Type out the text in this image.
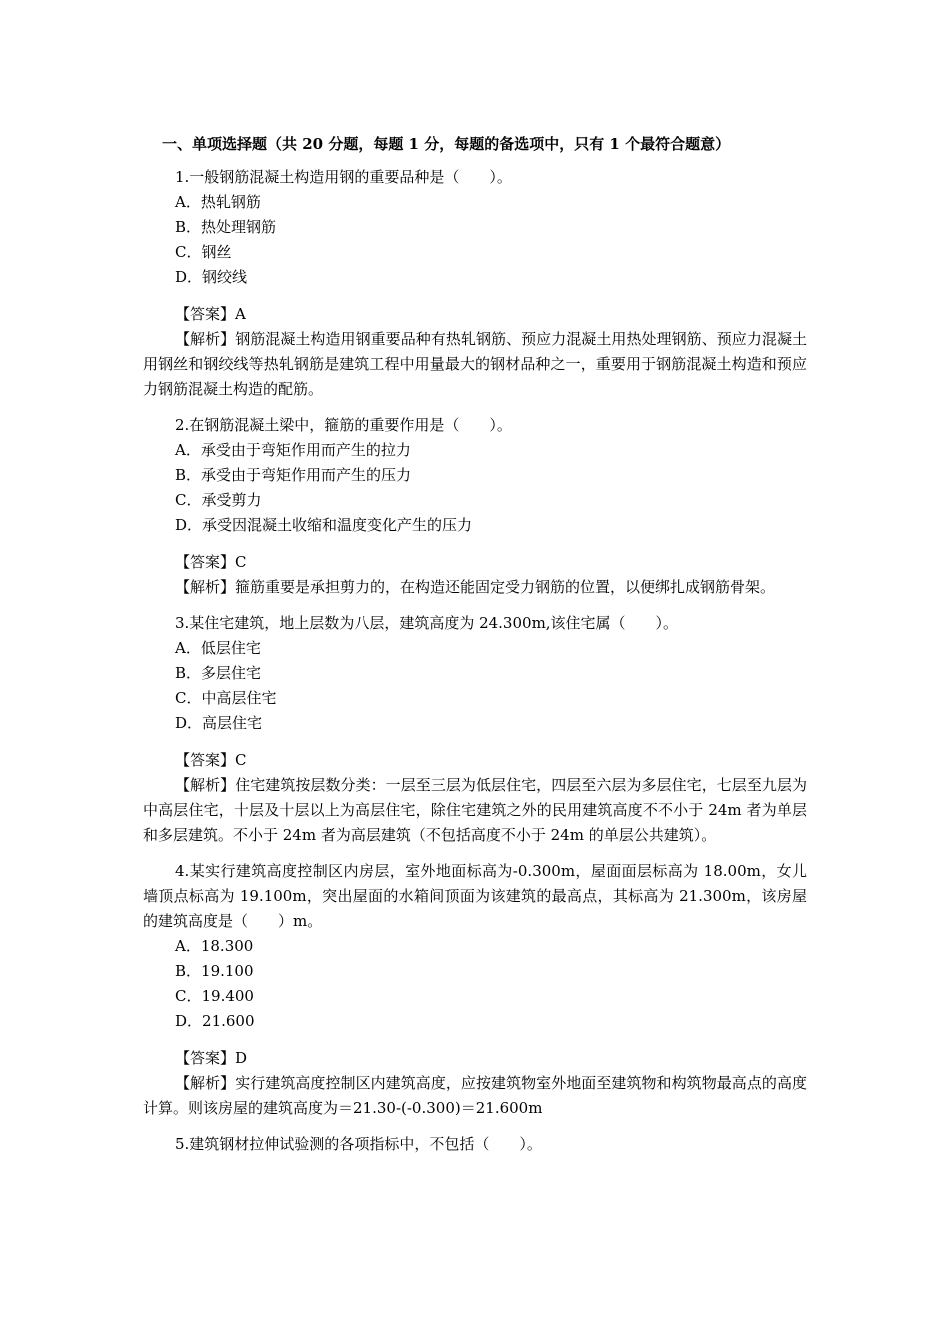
一、单项选择题（共 20 分题，每题 1 分，每题的备选项中，只有 1 个最符合题意）

1.一般钢筋混凝土构造用钢的重要品种是（　　）。

A．热轧钢筋
B．热处理钢筋
C．钢丝
D．钢绞线
【答案】A

【解析】钢筋混凝土构造用钢重要品种有热轧钢筋、预应力混凝土用热处理钢筋、预应力混凝土用钢丝和钢绞线等热轧钢筋是建筑工程中用量最大的钢材品种之一，重要用于钢筋混凝土构造和预应力钢筋混凝土构造的配筋。

2.在钢筋混凝土梁中，箍筋的重要作用是（　　）。

A．承受由于弯矩作用而产生的拉力
B．承受由于弯矩作用而产生的压力
C．承受剪力
D．承受因混凝土收缩和温度变化产生的压力
【答案】C

【解析】箍筋重要是承担剪力的，在构造还能固定受力钢筋的位置，以便绑扎成钢筋骨架。

3.某住宅建筑，地上层数为八层，建筑高度为 24.300m,该住宅属（　　）。

A．低层住宅
B．多层住宅
C．中高层住宅
D．高层住宅
【答案】C

【解析】住宅建筑按层数分类：一层至三层为低层住宅，四层至六层为多层住宅，七层至九层为中高层住宅，十层及十层以上为高层住宅，除住宅建筑之外的民用建筑高度不不小于 24m 者为单层和多层建筑。不小于 24m 者为高层建筑（不包括高度不小于 24m 的单层公共建筑）。

4.某实行建筑高度控制区内房层，室外地面标高为-0.300m，屋面面层标高为 18.00m，女儿墙顶点标高为 19.100m，突出屋面的水箱间顶面为该建筑的最高点，其标高为 21.300m，该房屋的建筑高度是（　　）m。

A．18.300
B．19.100
C．19.400
D．21.600
【答案】D

【解析】实行建筑高度控制区内建筑高度，应按建筑物室外地面至建筑物和构筑物最高点的高度计算。则该房屋的建筑高度为＝21.30-(-0.300)＝21.600m

5.建筑钢材拉伸试验测的各项指标中，不包括（　　）。
